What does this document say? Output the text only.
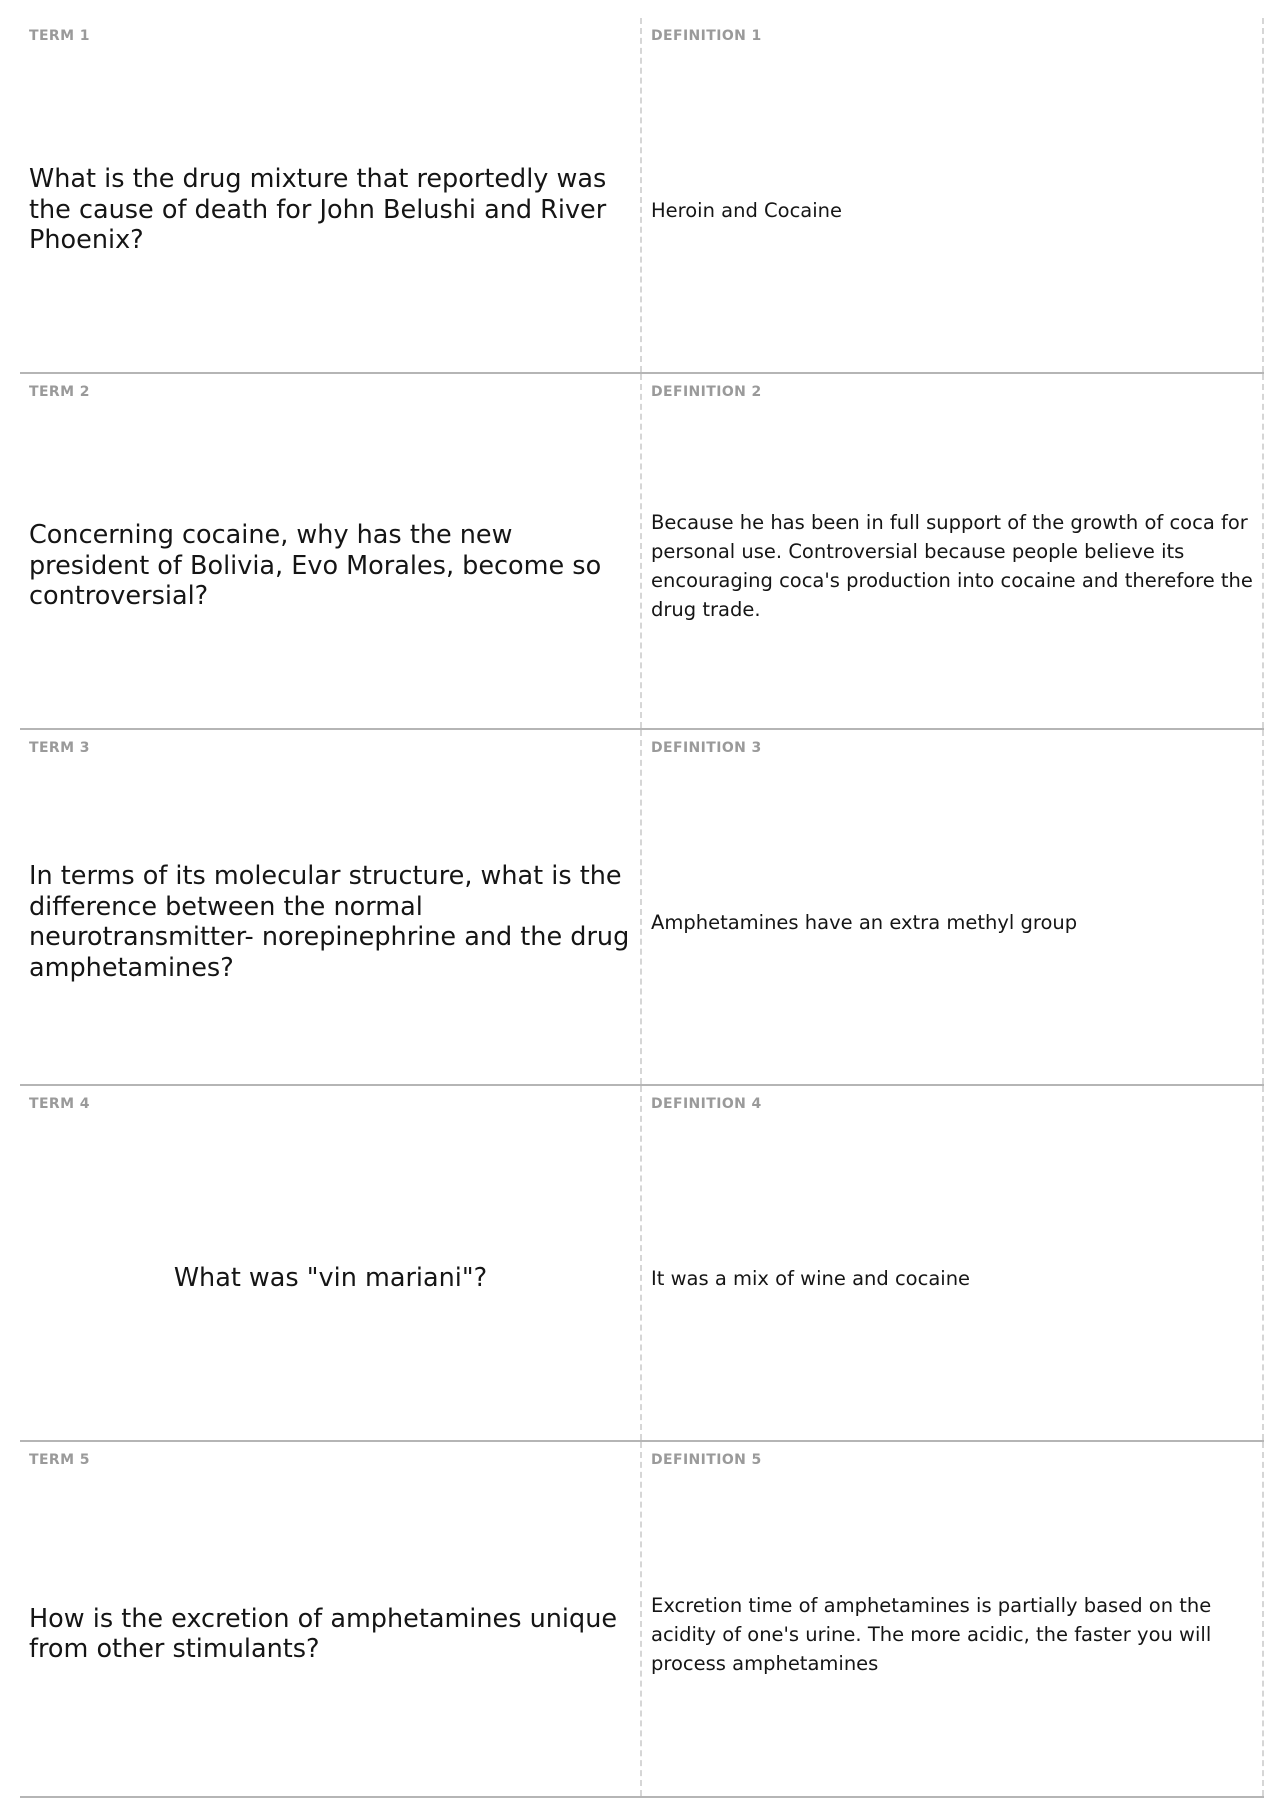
TERM 1
What is the drug mixture that reportedly was the cause of death for John Belushi and River Phoenix?
DEFINITION 1
Heroin and Cocaine
TERM 2
Concerning cocaine, why has the new president of Bolivia, Evo Morales, become so controversial?
DEFINITION 2
Because he has been in full support of the growth of coca for personal use. Controversial because people believe its encouraging coca's production into cocaine and therefore the drug trade.
TERM 3
In terms of its molecular structure, what is the difference between the normal neurotransmitter- norepinephrine and the drug amphetamines?
DEFINITION 3
Amphetamines have an extra methyl group
TERM 4
What was "vin mariani"?
DEFINITION 4
It was a mix of wine and cocaine
TERM 5
How is the excretion of amphetamines unique from other stimulants?
DEFINITION 5
Excretion time of amphetamines is partially based on the acidity of one's urine. The more acidic, the faster you will process amphetamines
